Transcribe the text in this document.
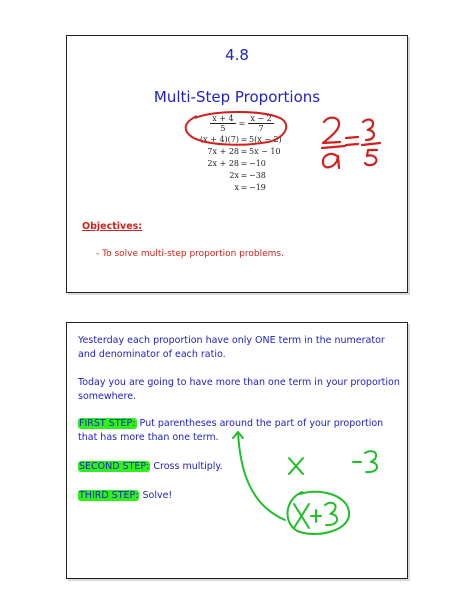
4.8
Multi-Step Proportions
$\frac{x + 4}{5} = \frac{x - 2}{7}$
(x + 4)(7) = 5(x − 2)
7x + 28 = 5x − 10
2x + 28 = −10
2x = −38
x = −19
Objectives:
- To solve multi-step proportion problems.
Yesterday each proportion have only ONE term in the numerator and denominator of each ratio.
Today you are going to have more than one term in your proportion somewhere.
FIRST STEP: Put parentheses around the part of your proportion that has more than one term.
SECOND STEP: Cross multiply.
THIRD STEP: Solve!
